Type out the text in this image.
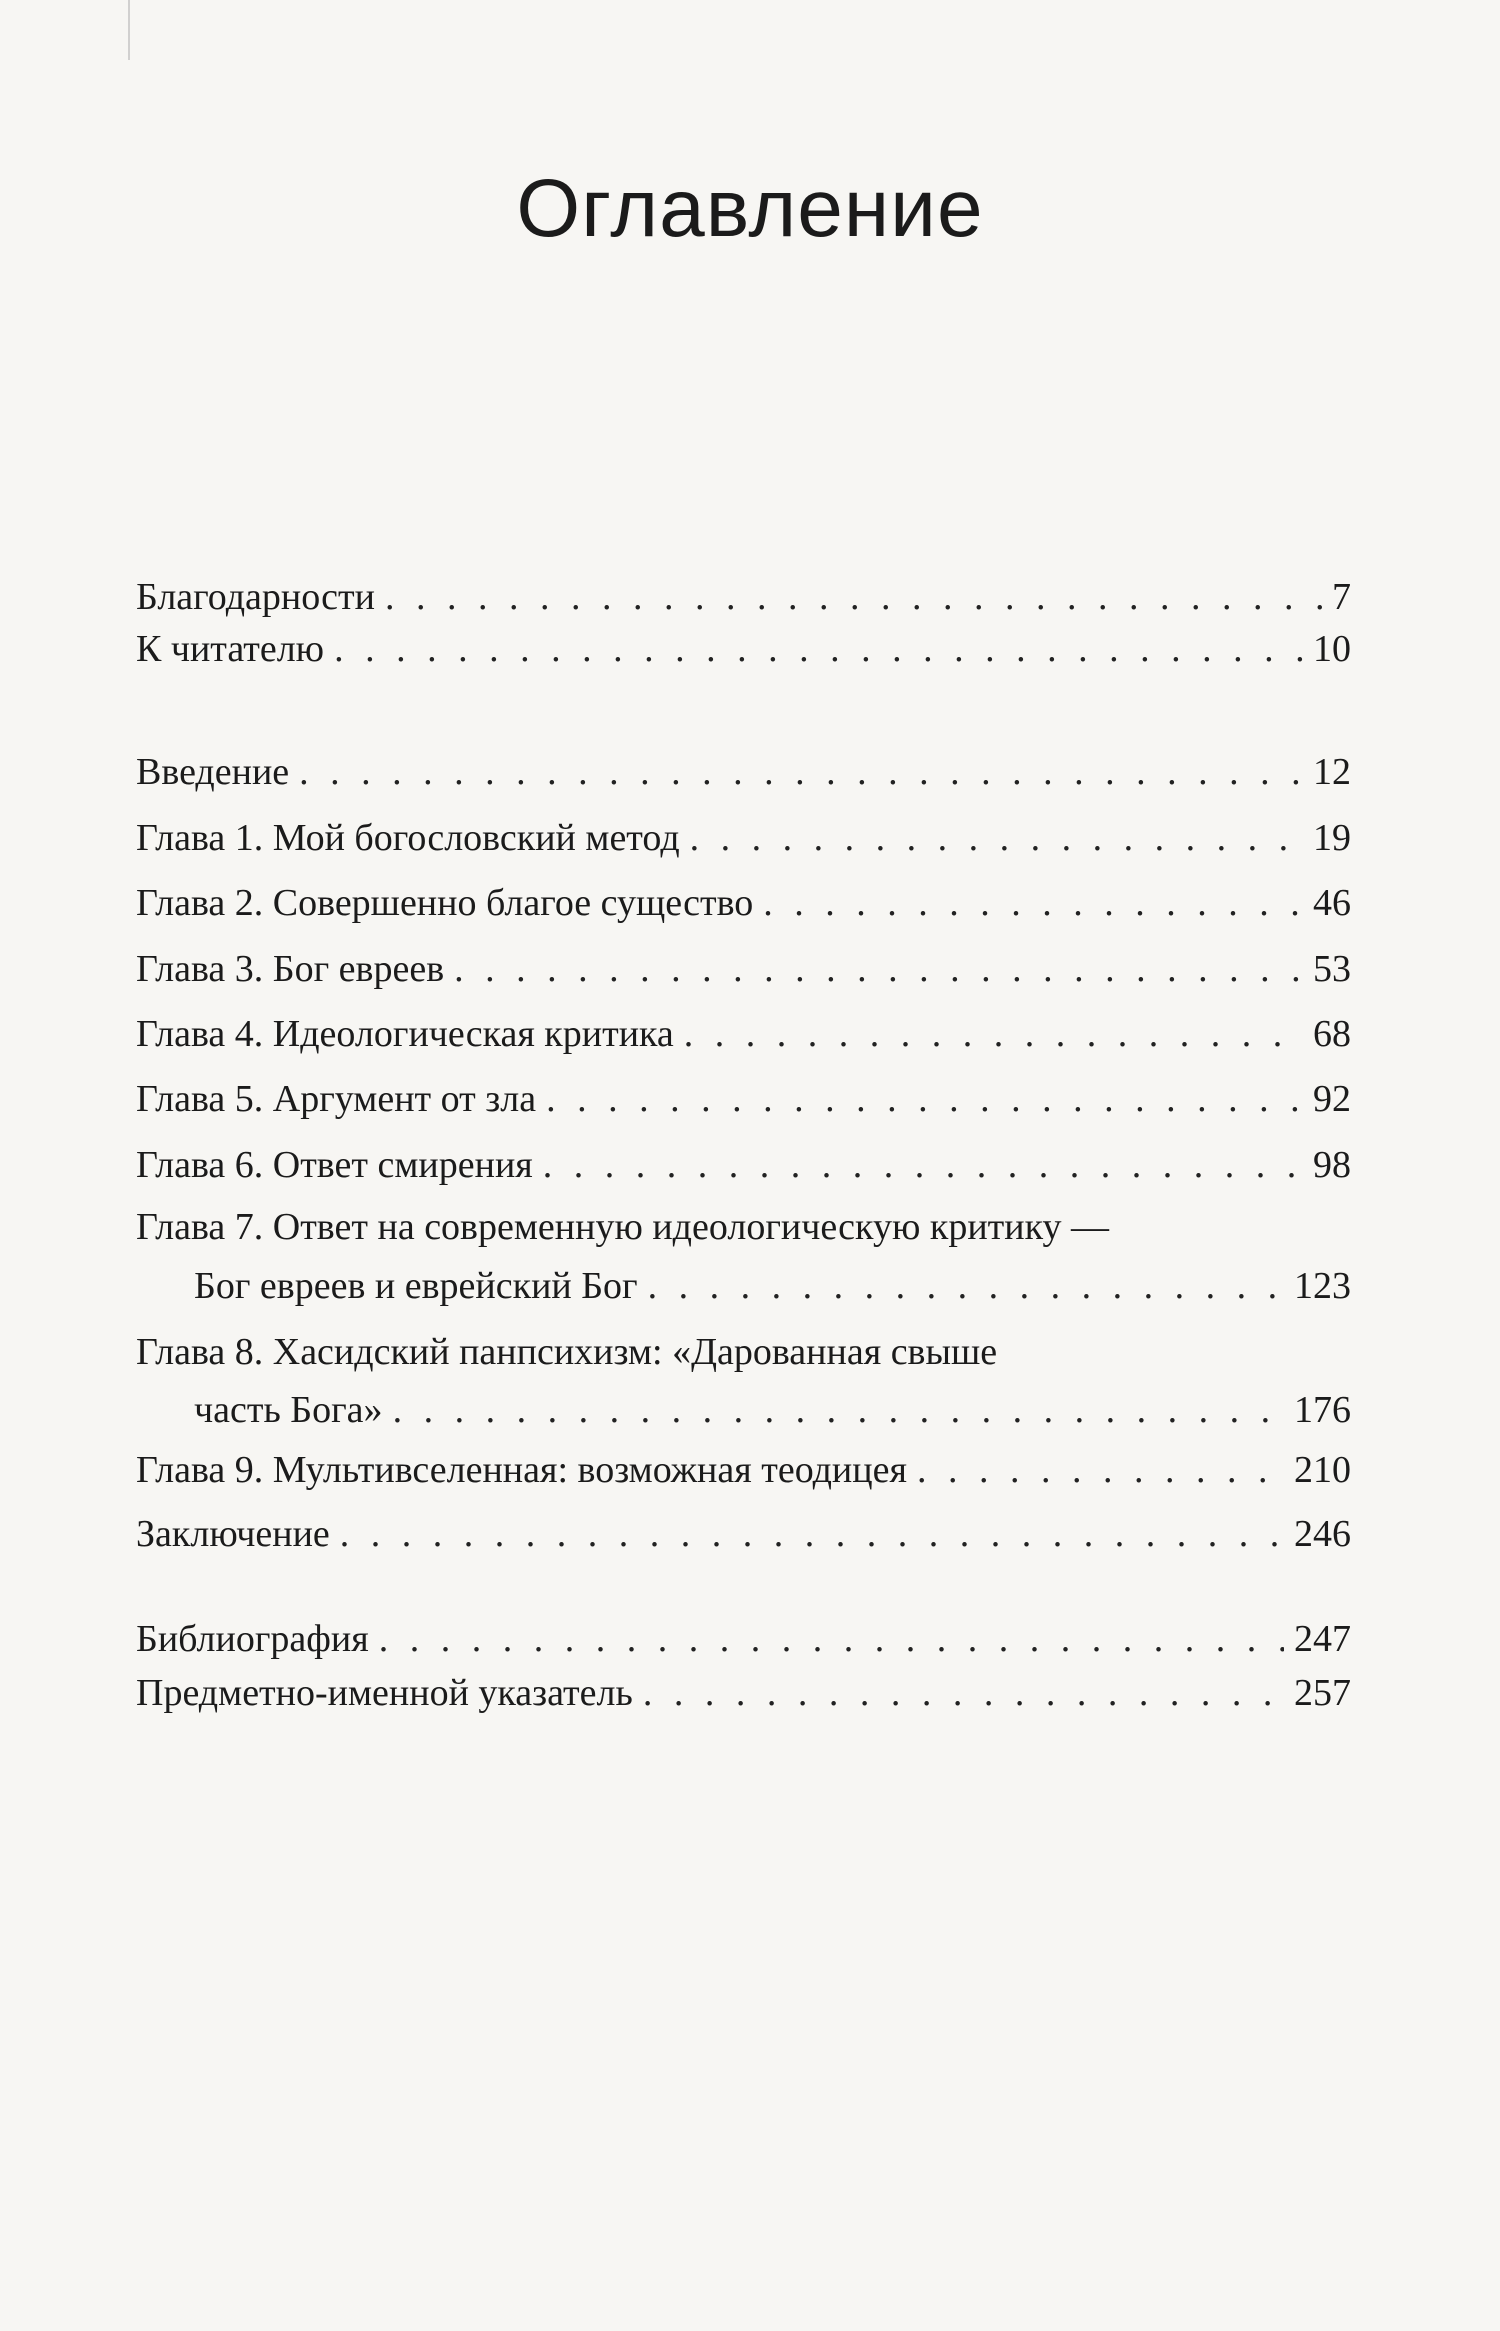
Оглавление
Благодарности . . .	7
К читателю . . .	10
Введение . . .	12
Глава 1. Мой богословский метод . . .	19
Глава 2. Совершенно благое существо . . .	46
Глава 3. Бог евреев . . .	53
Глава 4. Идеологическая критика . . .	68
Глава 5. Аргумент от зла . . .	92
Глава 6. Ответ смирения . . .	98
Глава 7. Ответ на современную идеологическую критику —
Бог евреев и еврейский Бог . . .	123
Глава 8. Хасидский панпсихизм: «Дарованная свыше
часть Бога» . . .	176
Глава 9. Мультивселенная: возможная теодицея . . .	210
Заключение . . .	246
Библиография . . .	247
Предметно-именной указатель . . .	257
